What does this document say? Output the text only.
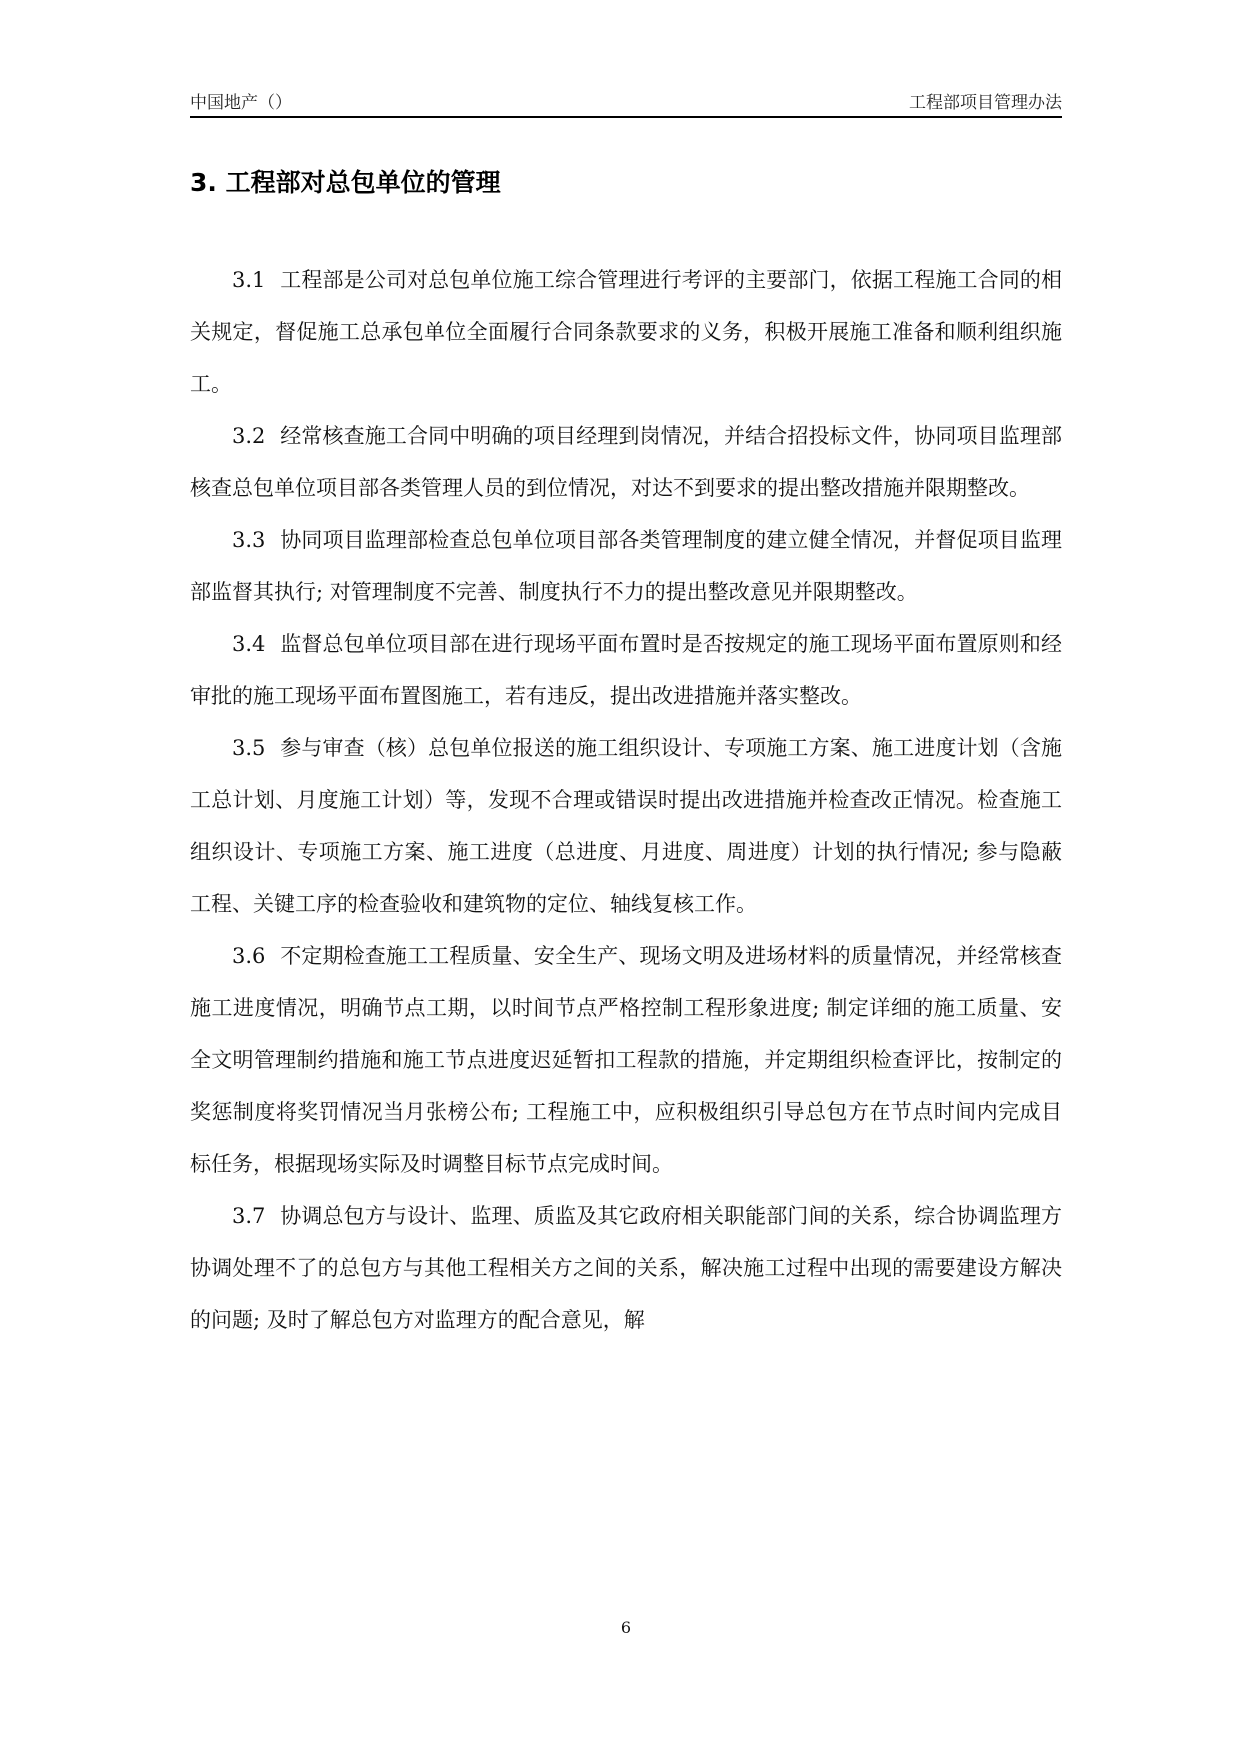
中国地产（）	工程部项目管理办法
3. 工程部对总包单位的管理

3.1 工程部是公司对总包单位施工综合管理进行考评的主要部门，依据工程施工合同的相关规定，督促施工总承包单位全面履行合同条款要求的义务，积极开展施工准备和顺利组织施工。

3.2 经常核查施工合同中明确的项目经理到岗情况，并结合招投标文件，协同项目监理部核查总包单位项目部各类管理人员的到位情况，对达不到要求的提出整改措施并限期整改。

3.3 协同项目监理部检查总包单位项目部各类管理制度的建立健全情况，并督促项目监理部监督其执行; 对管理制度不完善、制度执行不力的提出整改意见并限期整改。

3.4 监督总包单位项目部在进行现场平面布置时是否按规定的施工现场平面布置原则和经审批的施工现场平面布置图施工，若有违反，提出改进措施并落实整改。

3.5 参与审查（核）总包单位报送的施工组织设计、专项施工方案、施工进度计划（含施工总计划、月度施工计划）等，发现不合理或错误时提出改进措施并检查改正情况。检查施工组织设计、专项施工方案、施工进度（总进度、月进度、周进度）计划的执行情况; 参与隐蔽工程、关键工序的检查验收和建筑物的定位、轴线复核工作。

3.6 不定期检查施工工程质量、安全生产、现场文明及进场材料的质量情况，并经常核查施工进度情况，明确节点工期，以时间节点严格控制工程形象进度; 制定详细的施工质量、安全文明管理制约措施和施工节点进度迟延暂扣工程款的措施，并定期组织检查评比，按制定的奖惩制度将奖罚情况当月张榜公布; 工程施工中，应积极组织引导总包方在节点时间内完成目标任务，根据现场实际及时调整目标节点完成时间。

3.7 协调总包方与设计、监理、质监及其它政府相关职能部门间的关系，综合协调监理方协调处理不了的总包方与其他工程相关方之间的关系，解决施工过程中出现的需要建设方解决的问题; 及时了解总包方对监理方的配合意见，解

6
